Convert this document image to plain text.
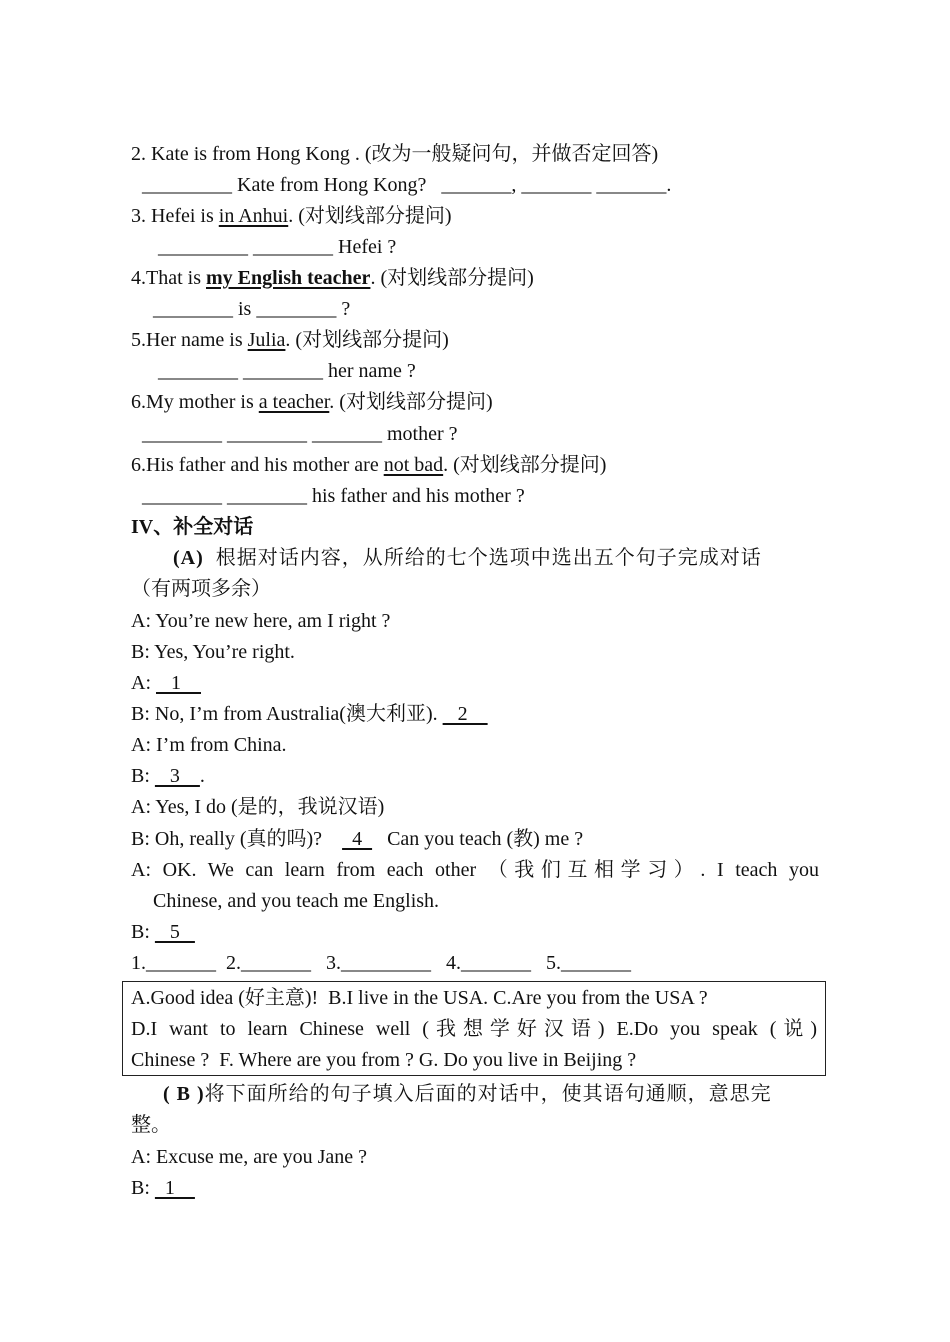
2. Kate is from Hong Kong . (改为一般疑问句，并做否定回答)
_________ Kate from Hong Kong?   _______, _______ _______.
3. Hefei is in Anhui. (对划线部分提问)
_________ ________ Hefei ?
4.That is my English teacher. (对划线部分提问)
________ is ________ ?
5.Her name is Julia. (对划线部分提问)
________ ________ her name ?
6.My mother is a teacher. (对划线部分提问)
________ ________ _______ mother ?
6.His father and his mother are not bad. (对划线部分提问)
________ ________ his father and his mother ?
IV、补全对话
(A) 根据对话内容，从所给的七个选项中选出五个句子完成对话
（有两项多余）
A: You’re new here, am I right ?
B: Yes, You’re right.
A:    1
B: No, I’m from Australia(澳大利亚).    2
A: I’m from China.
B:    3    .
A: Yes, I do (是的，我说汉语)
B: Oh, really (真的吗)?      4     Can you teach (教) me ?
A: OK. We can learn from each other （我们互相学习）. I teach you
Chinese, and you teach me English.
B:    5
1._______  2._______   3._________   4._______   5._______
A.Good idea (好主意)!  B.I live in the USA. C.Are you from the USA ?
D.I want to learn Chinese well (我想学好汉语) E.Do you speak (说)
Chinese ?  F. Where are you from ? G. Do you live in Beijing ?
( B )将下面所给的句子填入后面的对话中，使其语句通顺，意思完
整。
A: Excuse me, are you Jane ?
B:   1
